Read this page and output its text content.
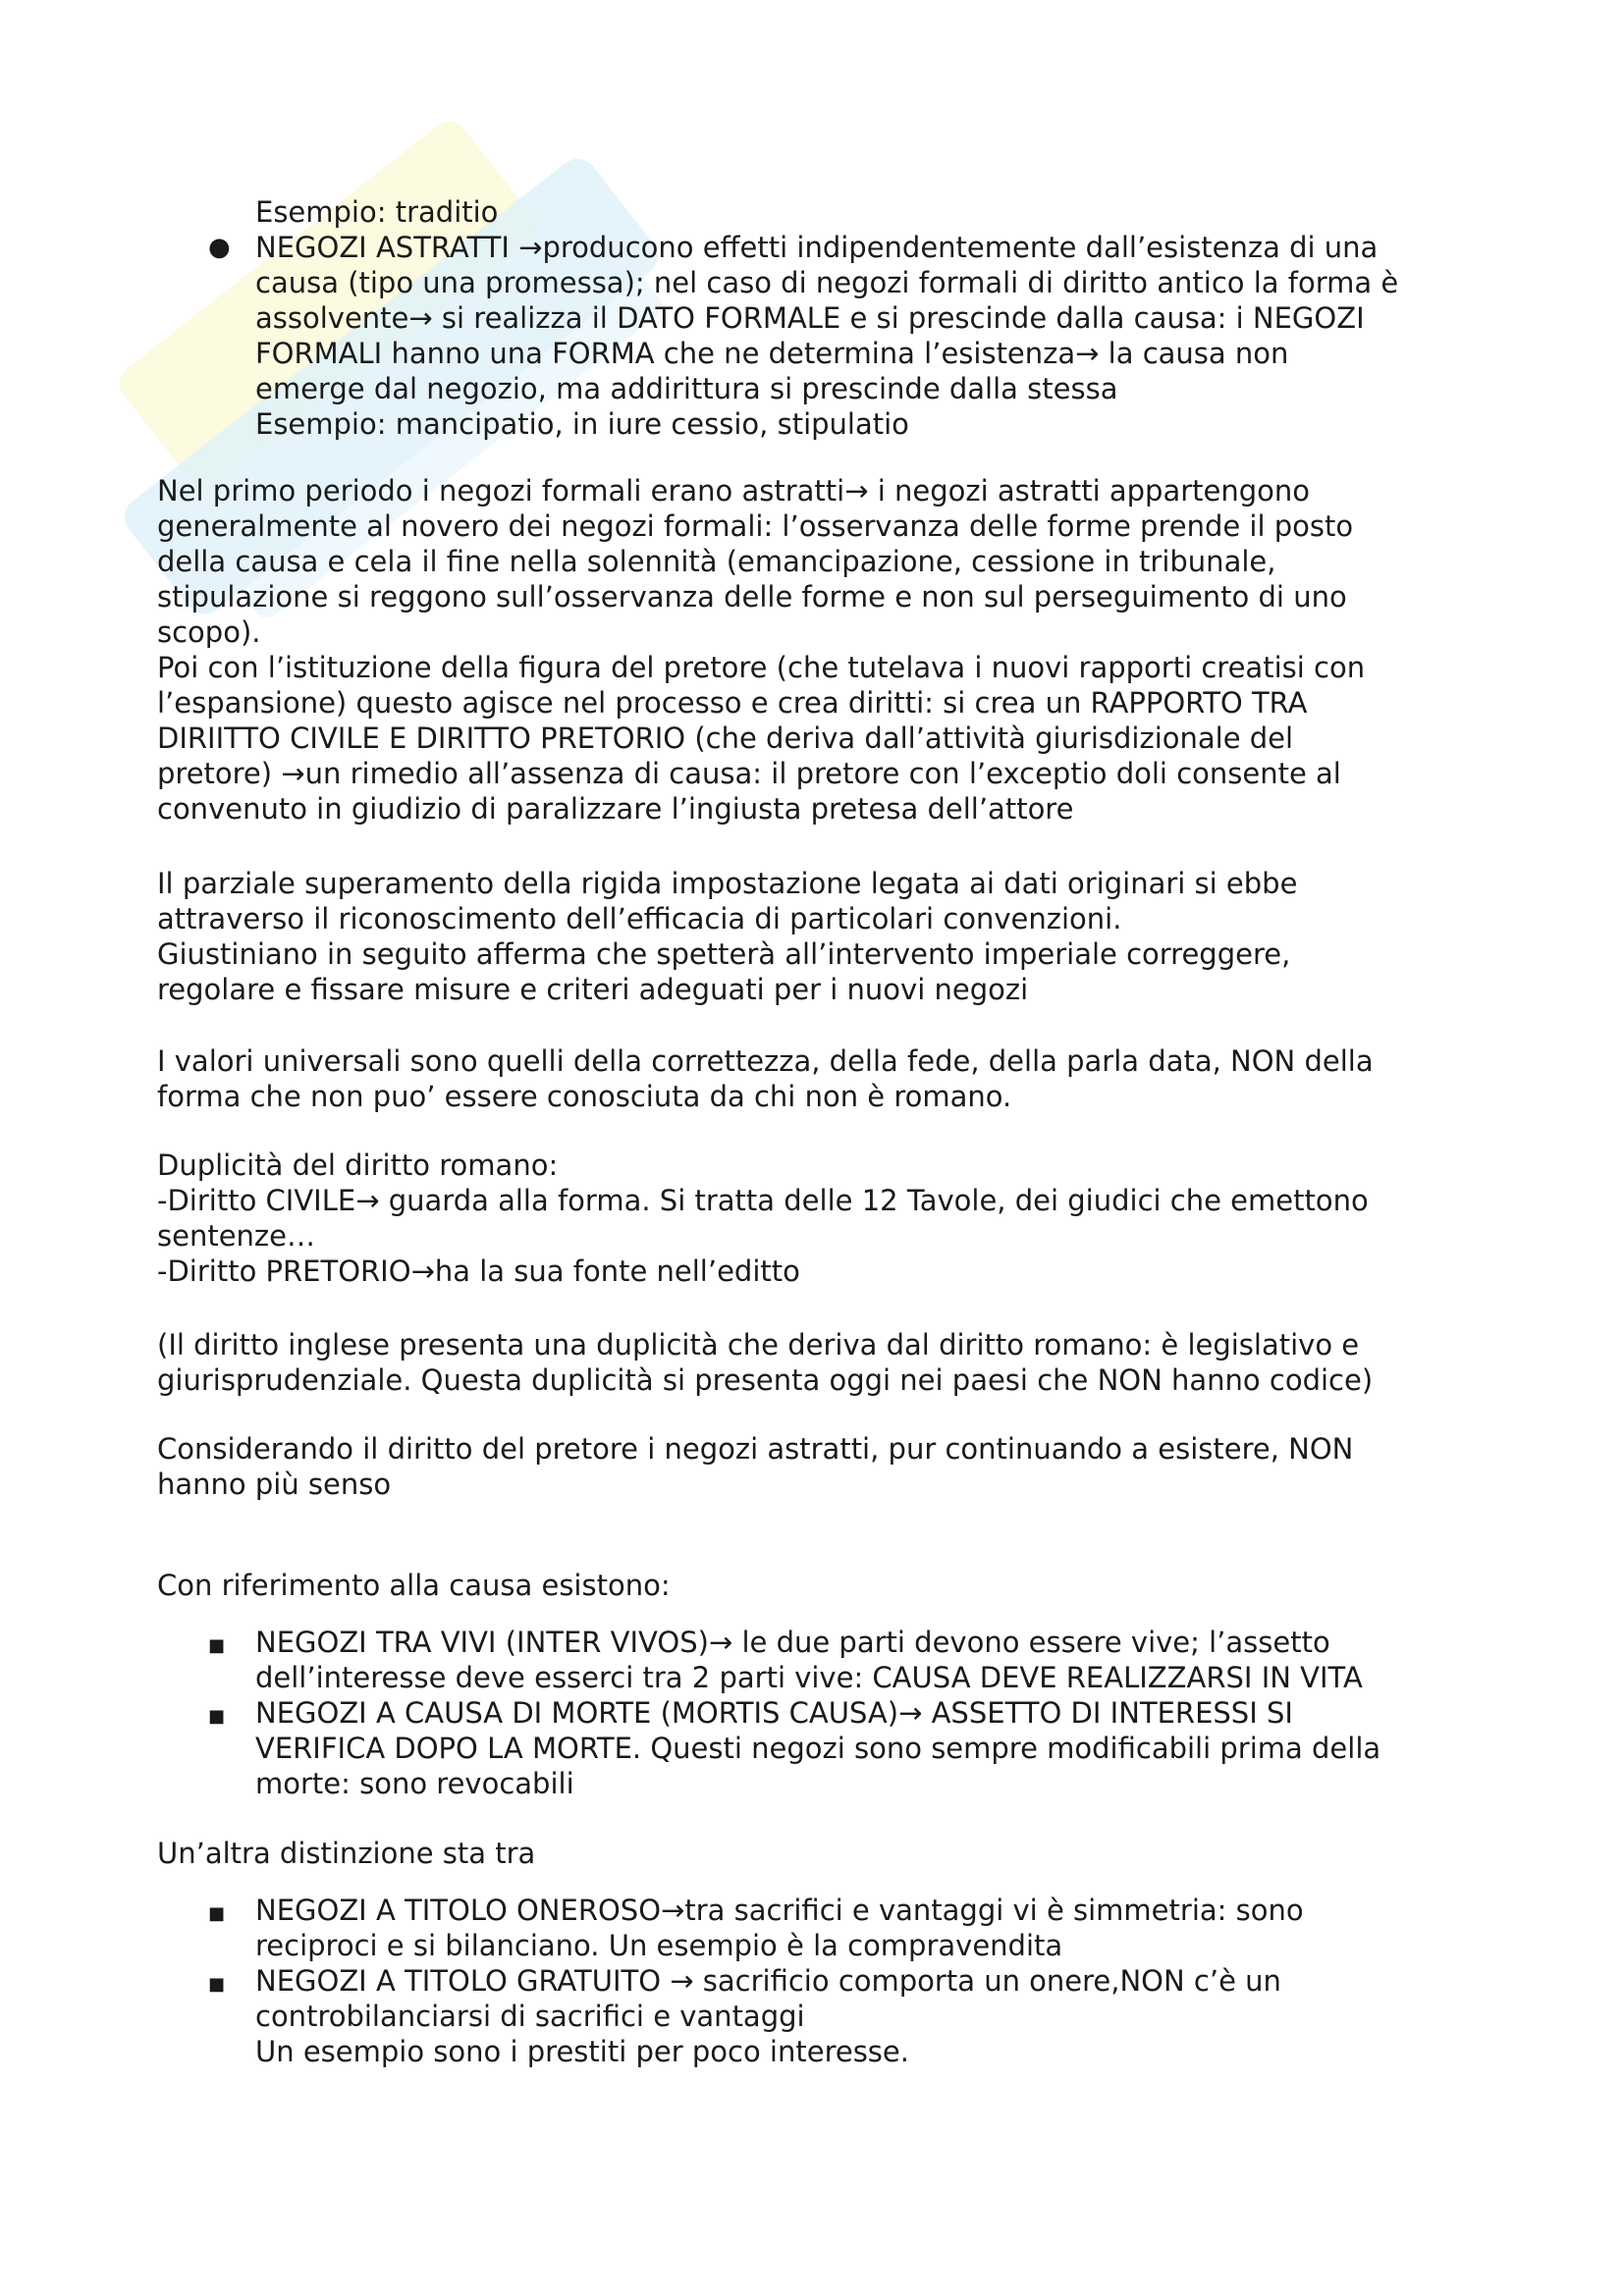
Esempio: traditio
● NEGOZI ASTRATTI →producono effetti indipendentemente dall’esistenza di una
causa (tipo una promessa); nel caso di negozi formali di diritto antico la forma è
assolvente→ si realizza il DATO FORMALE e si prescinde dalla causa: i NEGOZI
FORMALI hanno una FORMA che ne determina l’esistenza→ la causa non
emerge dal negozio, ma addirittura si prescinde dalla stessa
Esempio: mancipatio, in iure cessio, stipulatio
Nel primo periodo i negozi formali erano astratti→ i negozi astratti appartengono
generalmente al novero dei negozi formali: l’osservanza delle forme prende il posto
della causa e cela il fine nella solennità (emancipazione, cessione in tribunale,
stipulazione si reggono sull’osservanza delle forme e non sul perseguimento di uno
scopo).
Poi con l’istituzione della figura del pretore (che tutelava i nuovi rapporti creatisi con
l’espansione) questo agisce nel processo e crea diritti: si crea un RAPPORTO TRA
DIRIITTO CIVILE E DIRITTO PRETORIO (che deriva dall’attività giurisdizionale del
pretore) →un rimedio all’assenza di causa: il pretore con l’exceptio doli consente al
convenuto in giudizio di paralizzare l’ingiusta pretesa dell’attore
Il parziale superamento della rigida impostazione legata ai dati originari si ebbe
attraverso il riconoscimento dell’efficacia di particolari convenzioni.
Giustiniano in seguito afferma che spetterà all’intervento imperiale correggere,
regolare e fissare misure e criteri adeguati per i nuovi negozi
I valori universali sono quelli della correttezza, della fede, della parla data, NON della
forma che non puo’ essere conosciuta da chi non è romano.
Duplicità del diritto romano:
-Diritto CIVILE→ guarda alla forma. Si tratta delle 12 Tavole, dei giudici che emettono
sentenze…
-Diritto PRETORIO→ha la sua fonte nell’editto
(Il diritto inglese presenta una duplicità che deriva dal diritto romano: è legislativo e
giurisprudenziale. Questa duplicità si presenta oggi nei paesi che NON hanno codice)
Considerando il diritto del pretore i negozi astratti, pur continuando a esistere, NON
hanno più senso
Con riferimento alla causa esistono:
■ NEGOZI TRA VIVI (INTER VIVOS)→ le due parti devono essere vive; l’assetto
dell’interesse deve esserci tra 2 parti vive: CAUSA DEVE REALIZZARSI IN VITA
■ NEGOZI A CAUSA DI MORTE (MORTIS CAUSA)→ ASSETTO DI INTERESSI SI
VERIFICA DOPO LA MORTE. Questi negozi sono sempre modificabili prima della
morte: sono revocabili
Un’altra distinzione sta tra
■ NEGOZI A TITOLO ONEROSO→tra sacrifici e vantaggi vi è simmetria: sono
reciproci e si bilanciano. Un esempio è la compravendita
■ NEGOZI A TITOLO GRATUITO → sacrificio comporta un onere,NON c’è un
controbilanciarsi di sacrifici e vantaggi
Un esempio sono i prestiti per poco interesse.
